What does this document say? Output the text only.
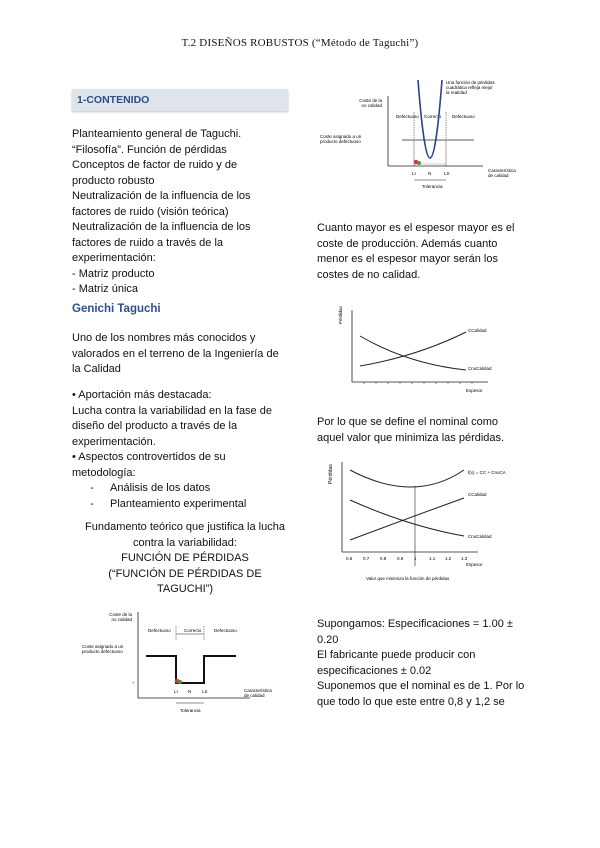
T.2 DISEÑOS ROBUSTOS (“Método de Taguchi”)
1-CONTENIDO
Planteamiento general de Taguchi.
“Filosofía”. Función de pérdidas
Conceptos de factor de ruido y de
producto robusto
Neutralización de la influencia de los
factores de ruido (visión teórica)
Neutralización de la influencia de los
factores de ruido a través de la
experimentación:
- Matriz producto
- Matriz única
Genichi Taguchi
Uno de los nombres más conocidos y
valorados en el terreno de la Ingeniería de
la Calidad
• Aportación más destacada:
Lucha contra la variabilidad en la fase de
diseño del producto a través de la
experimentación.
• Aspectos controvertidos de su
metodología:
- Análisis de los datos
- Planteamiento experimental
Fundamento teórico que justifica la lucha
contra la variabilidad:
FUNCIÓN DE PÉRDIDAS
(“FUNCIÓN DE PÉRDIDAS DE
TAGUCHI”)
Coste de la
no calidad
Coste asignado a un
producto defectuoso
›
Defectuoso	Correcto	Defectuoso
LI N LS
Tolerancia
Característica
de calidad
Una función de pérdidas
cuadrática refleja mejor
la realidad
Coste de la
no calidad
Coste asignado a un
producto defectuoso
Defectuoso Correcto Defectuoso
LI	N	LS
Tolerancia
Característica
de calidad
Cuanto mayor es el espesor mayor es el
coste de producción. Además cuanto
menor es el espesor mayor serán los
costes de no calidad.
Pérdidas
CCalidad
CnoCalidad
Espesor
Por lo que se define el nominal como
aquel valor que minimiza las pérdidas.
Pérdidas	f(x) = CC + CnoCA
CCalidad
CnoCalidad
0.6 0.7 0.8 0.9 1	1.1 1.2 1.3
Espesor
Valor que minimiza la función de pérdidas
Supongamos: Especificaciones = 1.00 ±
0.20
El fabricante puede producir con
especificaciones ± 0.02
Suponemos que el nominal es de 1. Por lo
que todo lo que este entre 0,8 y 1,2 se
